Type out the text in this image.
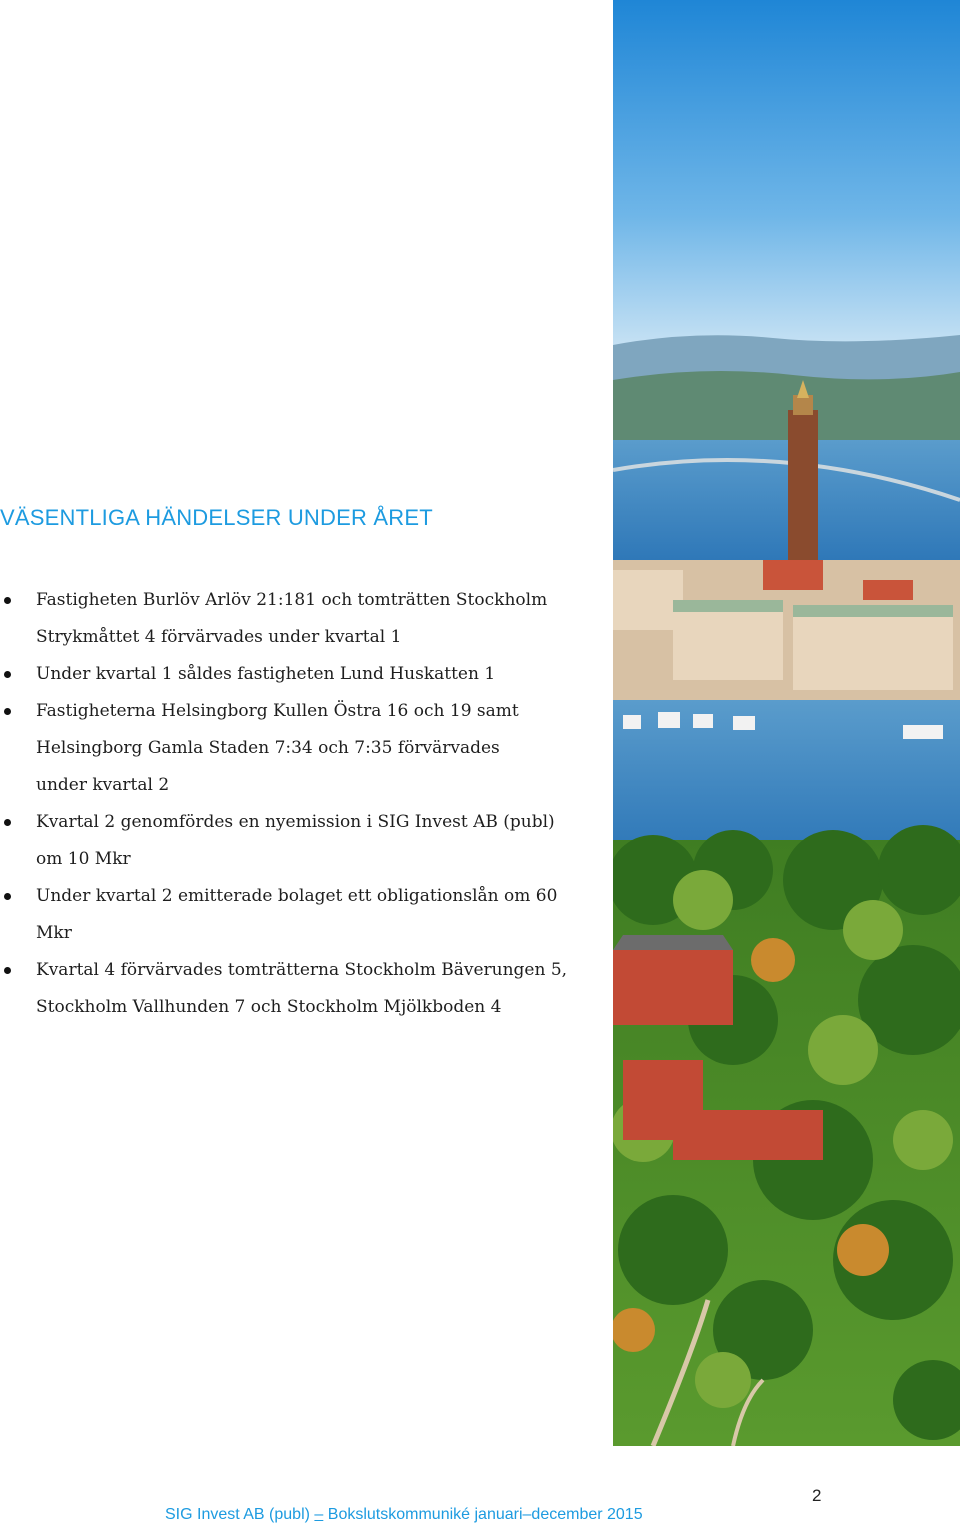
VÄSENTLIGA HÄNDELSER UNDER ÅRET
Fastigheten Burlöv Arlöv 21:181 och tomträtten Stockholm Strykmåttet 4 förvärvades under kvartal 1
Under kvartal 1 såldes fastigheten Lund Huskatten 1
Fastigheterna Helsingborg Kullen Östra 16 och 19 samt Helsingborg Gamla Staden 7:34 och 7:35 förvärvades under kvartal 2
Kvartal 2 genomfördes en nyemission i SIG Invest AB (publ) om 10 Mkr
Under kvartal 2 emitterade bolaget ett obligationslån om 60 Mkr
Kvartal 4 förvärvades tomträtterna Stockholm Bäverungen 5, Stockholm Vallhunden 7 och Stockholm Mjölkboden 4
2
SIG Invest AB (publ) – Bokslutskommuniké januari–december 2015
